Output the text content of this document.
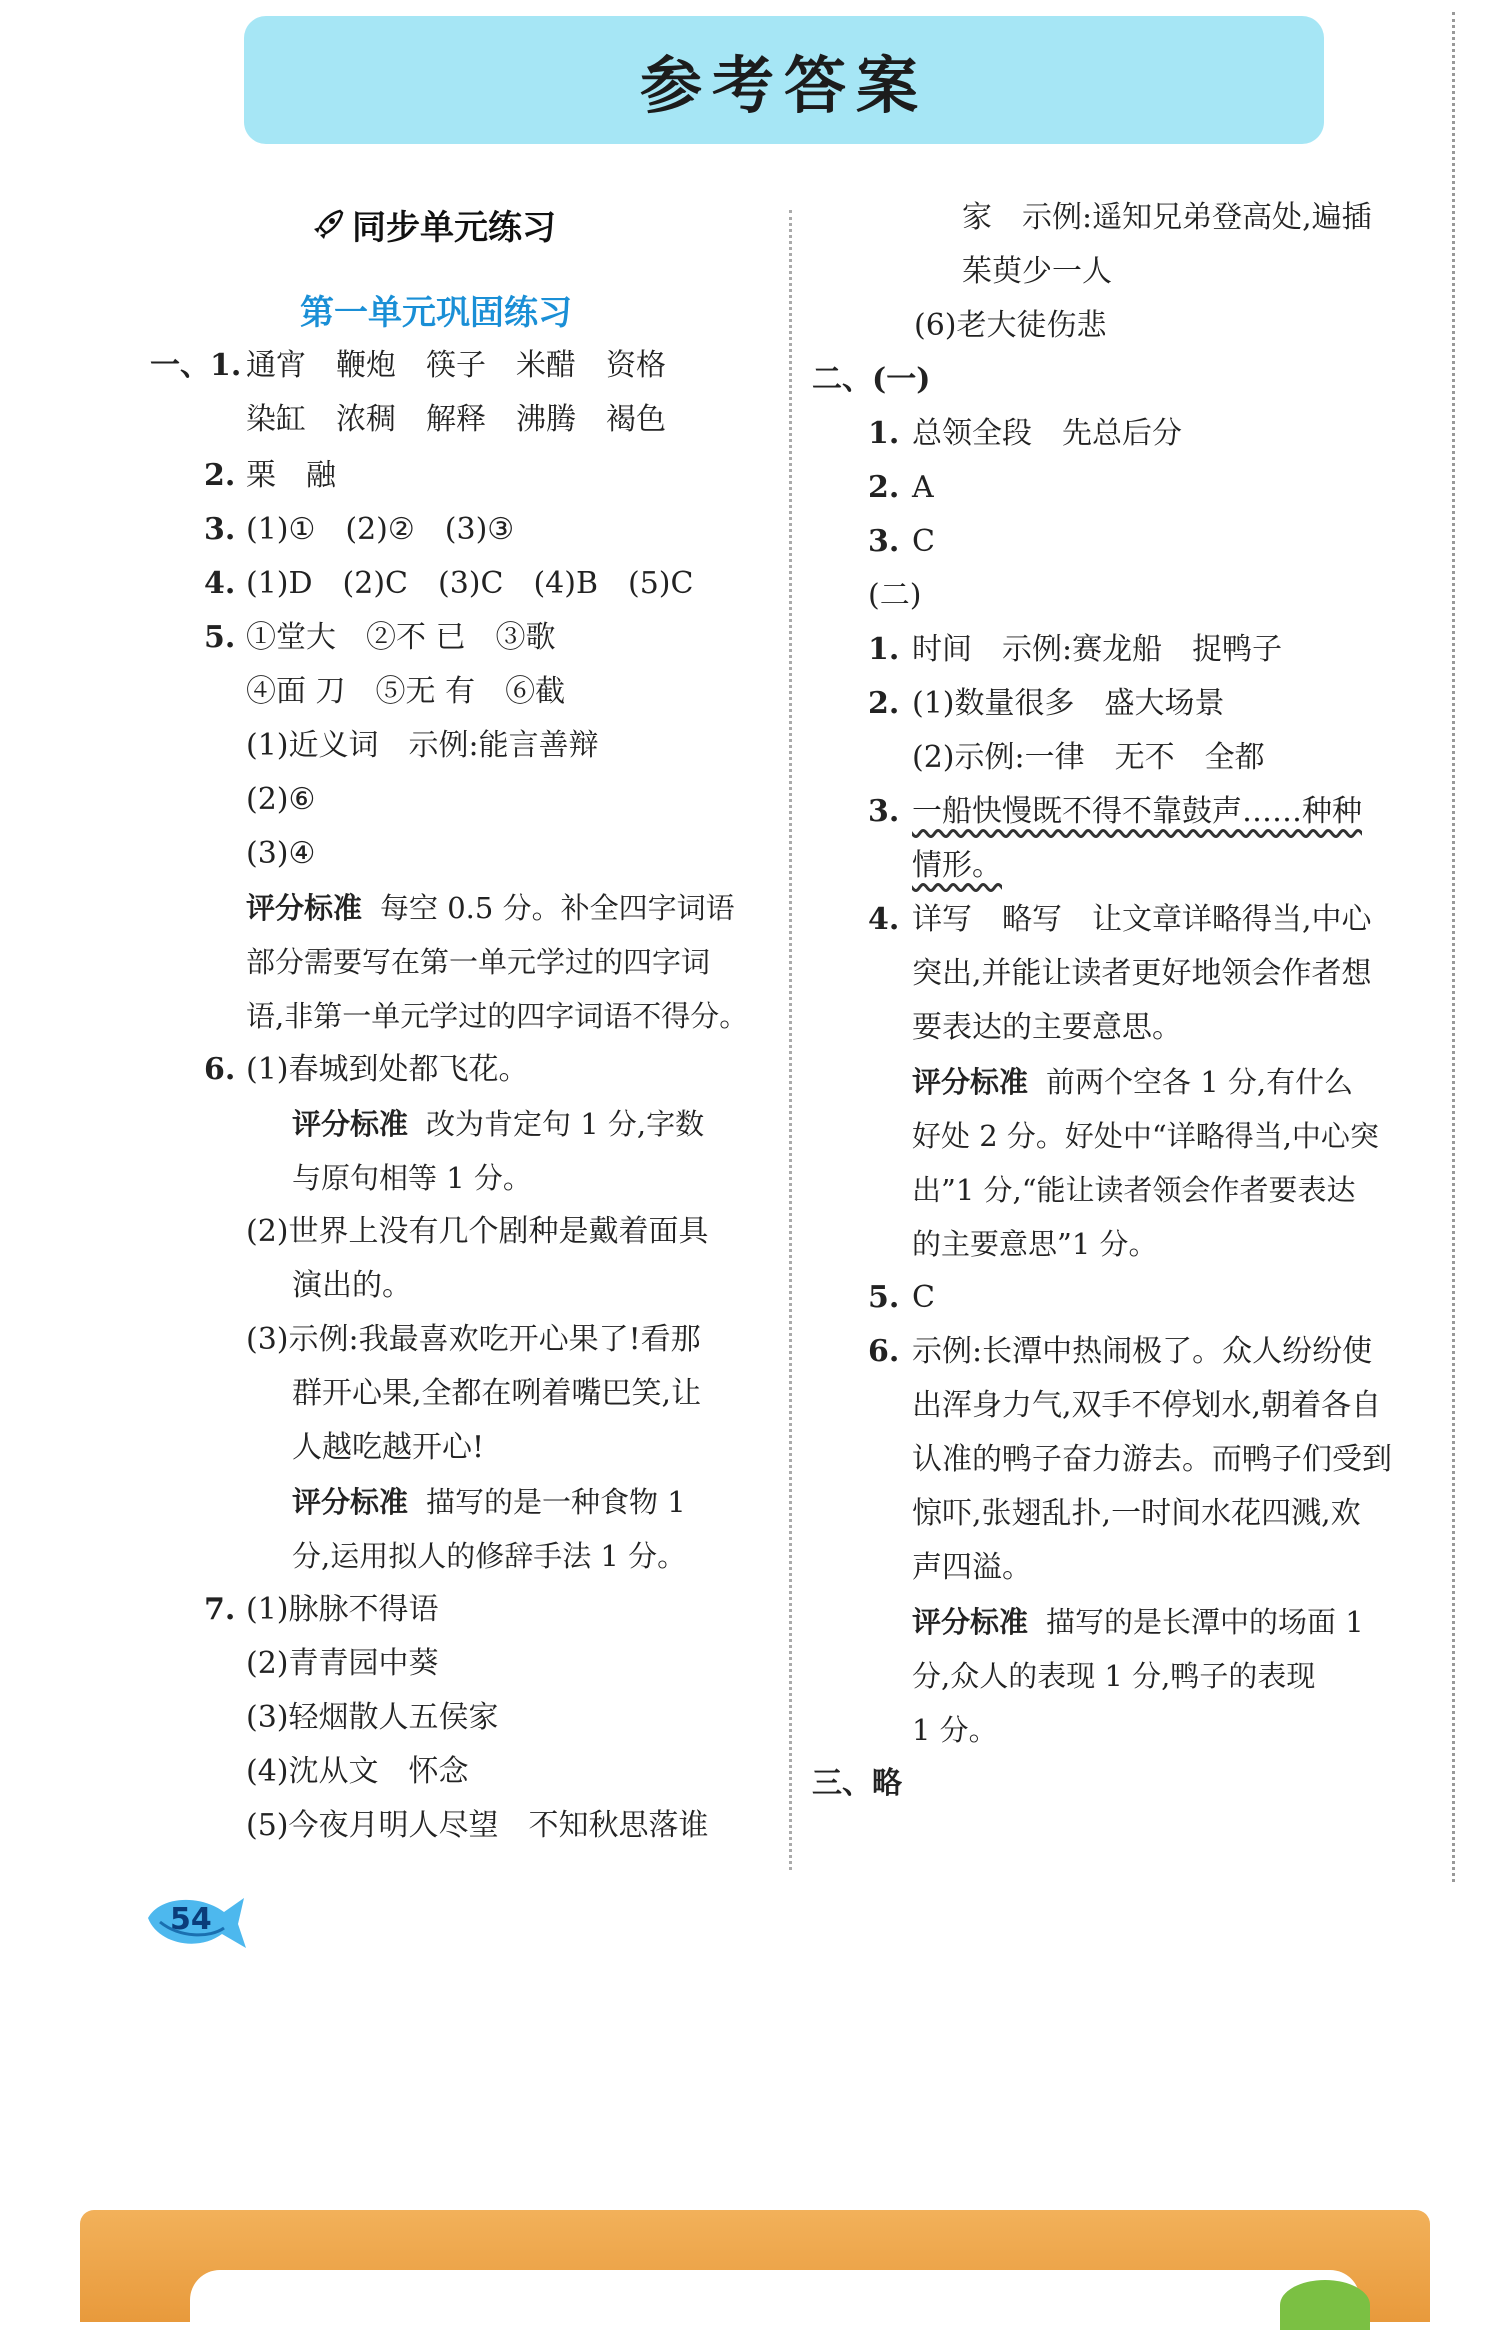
参考答案
同步单元练习
第一单元巩固练习
一、1. 通宵　鞭炮　筷子　米醋　资格
染缸　浓稠　解释　沸腾　褐色
2. 栗　融
3. (1)①　(2)②　(3)③
4. (1)D　(2)C　(3)C　(4)B　(5)C
5. ①堂大　②不 已　③歌
④面 刀　⑤无 有　⑥截
(1)近义词　示例:能言善辩
(2)⑥
(3)④
评分标准 每空 0.5 分。补全四字词语
部分需要写在第一单元学过的四字词
语,非第一单元学过的四字词语不得分。
6. (1)春城到处都飞花。
评分标准 改为肯定句 1 分,字数
与原句相等 1 分。
(2)世界上没有几个剧种是戴着面具
演出的。
(3)示例:我最喜欢吃开心果了!看那
群开心果,全都在咧着嘴巴笑,让
人越吃越开心!
评分标准 描写的是一种食物 1
分,运用拟人的修辞手法 1 分。
7. (1)脉脉不得语
(2)青青园中葵
(3)轻烟散人五侯家
(4)沈从文　怀念
(5)今夜月明人尽望　不知秋思落谁
家　示例:遥知兄弟登高处,遍插
茱萸少一人
(6)老大徒伤悲
二、(一)
1. 总领全段　先总后分
2. A
3. C
(二)
1. 时间　示例:赛龙船　捉鸭子
2. (1)数量很多　盛大场景
(2)示例:一律　无不　全都
3. 一船快慢既不得不靠鼓声……种种
情形。
4. 详写　略写　让文章详略得当,中心
突出,并能让读者更好地领会作者想
要表达的主要意思。
评分标准 前两个空各 1 分,有什么
好处 2 分。好处中“详略得当,中心突
出”1 分,“能让读者领会作者要表达
的主要意思”1 分。
5. C
6. 示例:长潭中热闹极了。众人纷纷使
出浑身力气,双手不停划水,朝着各自
认准的鸭子奋力游去。而鸭子们受到
惊吓,张翅乱扑,一时间水花四溅,欢
声四溢。
评分标准 描写的是长潭中的场面 1
分,众人的表现 1 分,鸭子的表现
1 分。
三、略
54
